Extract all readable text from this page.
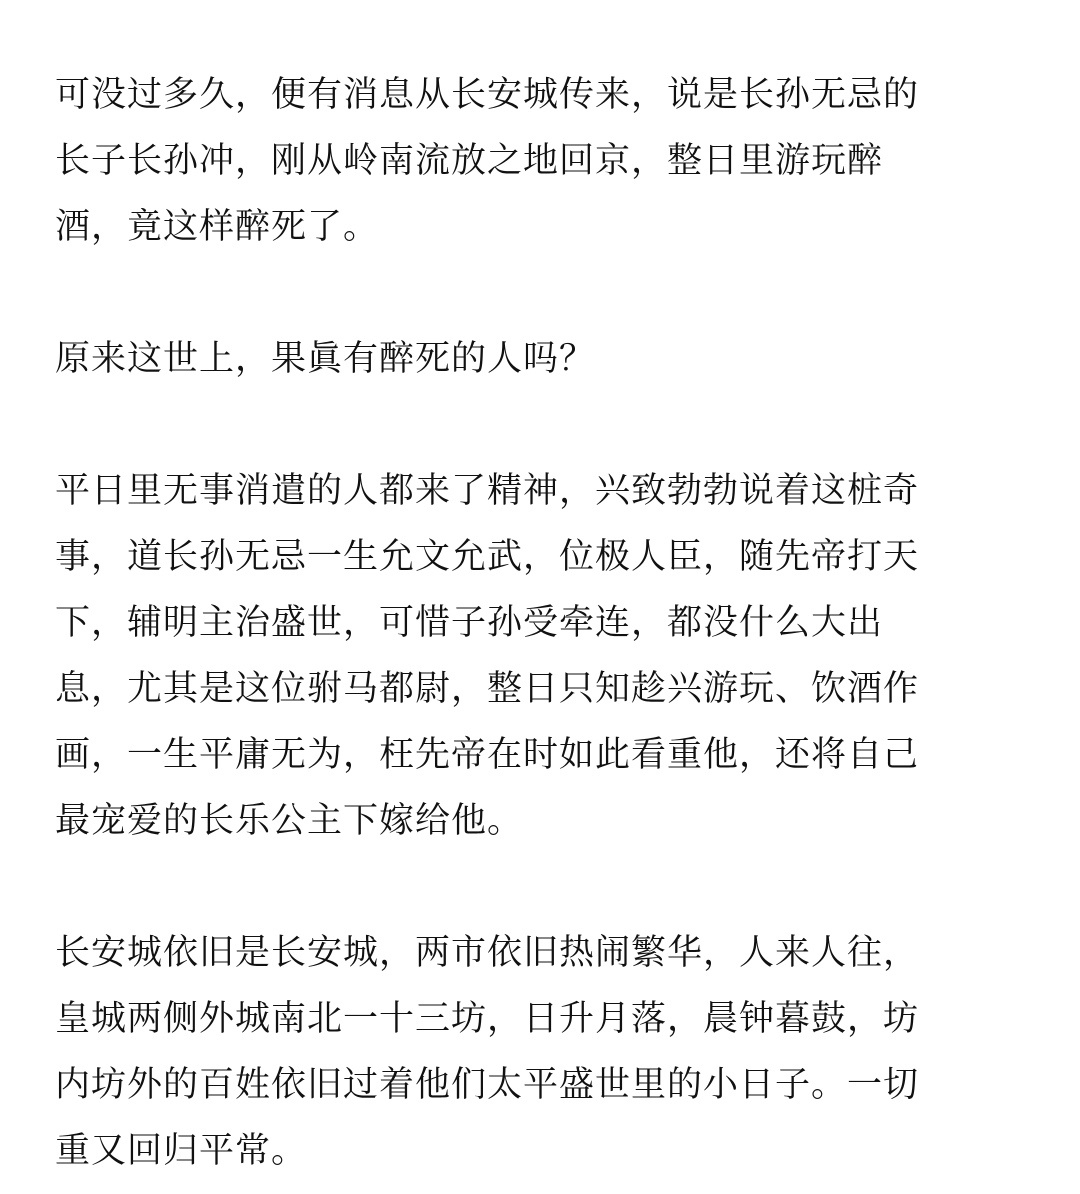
可没过多久，便有消息从长安城传来，说是长孙无忌的
长子长孙冲，刚从岭南流放之地回京，整日里游玩醉
酒，竟这样醉死了。

原来这世上，果眞有醉死的人吗？

平日里无事消遣的人都来了精神，兴致勃勃说着这桩奇
事，道长孙无忌一生允文允武，位极人臣，随先帝打天
下，辅明主治盛世，可惜子孙受牵连，都没什么大出
息，尤其是这位驸马都尉，整日只知趁兴游玩、饮酒作
画，一生平庸无为，枉先帝在时如此看重他，还将自己
最宠爱的长乐公主下嫁给他。

长安城依旧是长安城，两市依旧热闹繁华，人来人往，
皇城两侧外城南北一十三坊，日升月落，晨钟暮鼓，坊
内坊外的百姓依旧过着他们太平盛世里的小日子。一切
重又回归平常。
